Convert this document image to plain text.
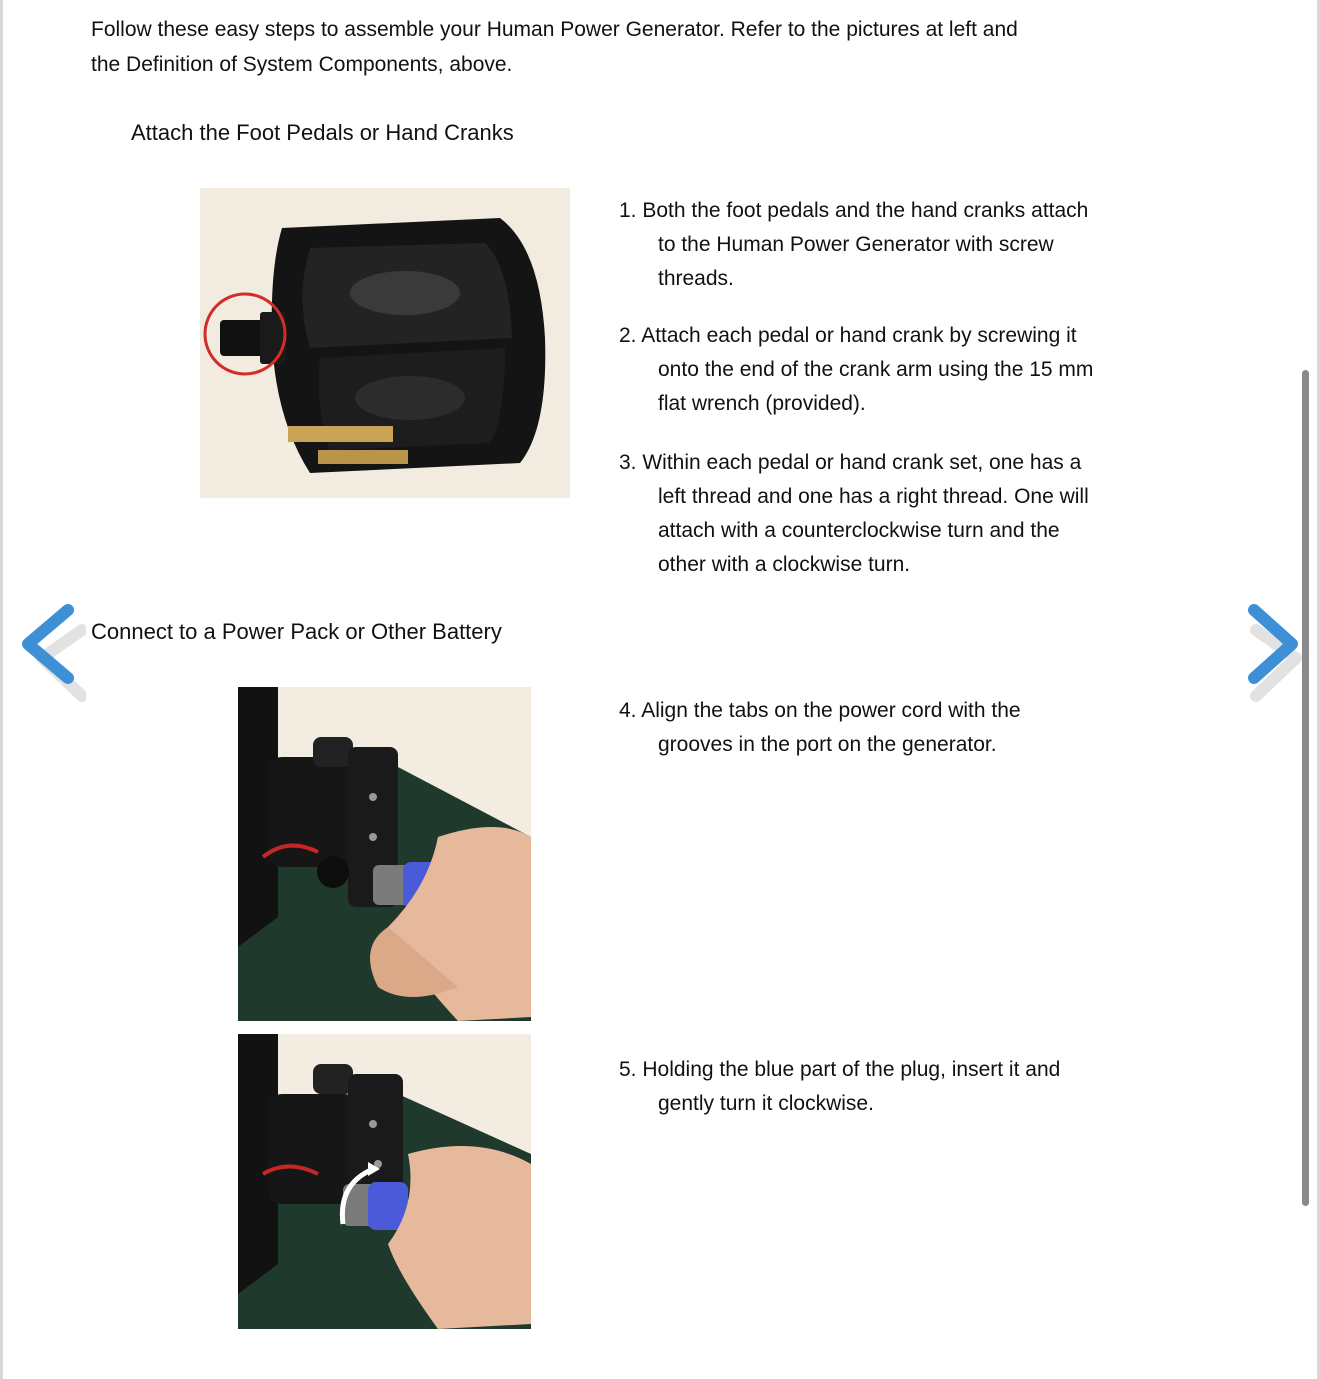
Follow these easy steps to assemble your Human Power Generator. Refer to the pictures at left and
the Definition of System Components, above.
Attach the Foot Pedals or Hand Cranks
Connect to a Power Pack or Other Battery
1. Both the foot pedals and the hand cranks attach
to the Human Power Generator with screw
threads.
2. Attach each pedal or hand crank by screwing it
onto the end of the crank arm using the 15 mm
flat wrench (provided).
3. Within each pedal or hand crank set, one has a
left thread and one has a right thread. One will
attach with a counterclockwise turn and the
other with a clockwise turn.
4. Align the tabs on the power cord with the
grooves in the port on the generator.
5. Holding the blue part of the plug, insert it and
gently turn it clockwise.
